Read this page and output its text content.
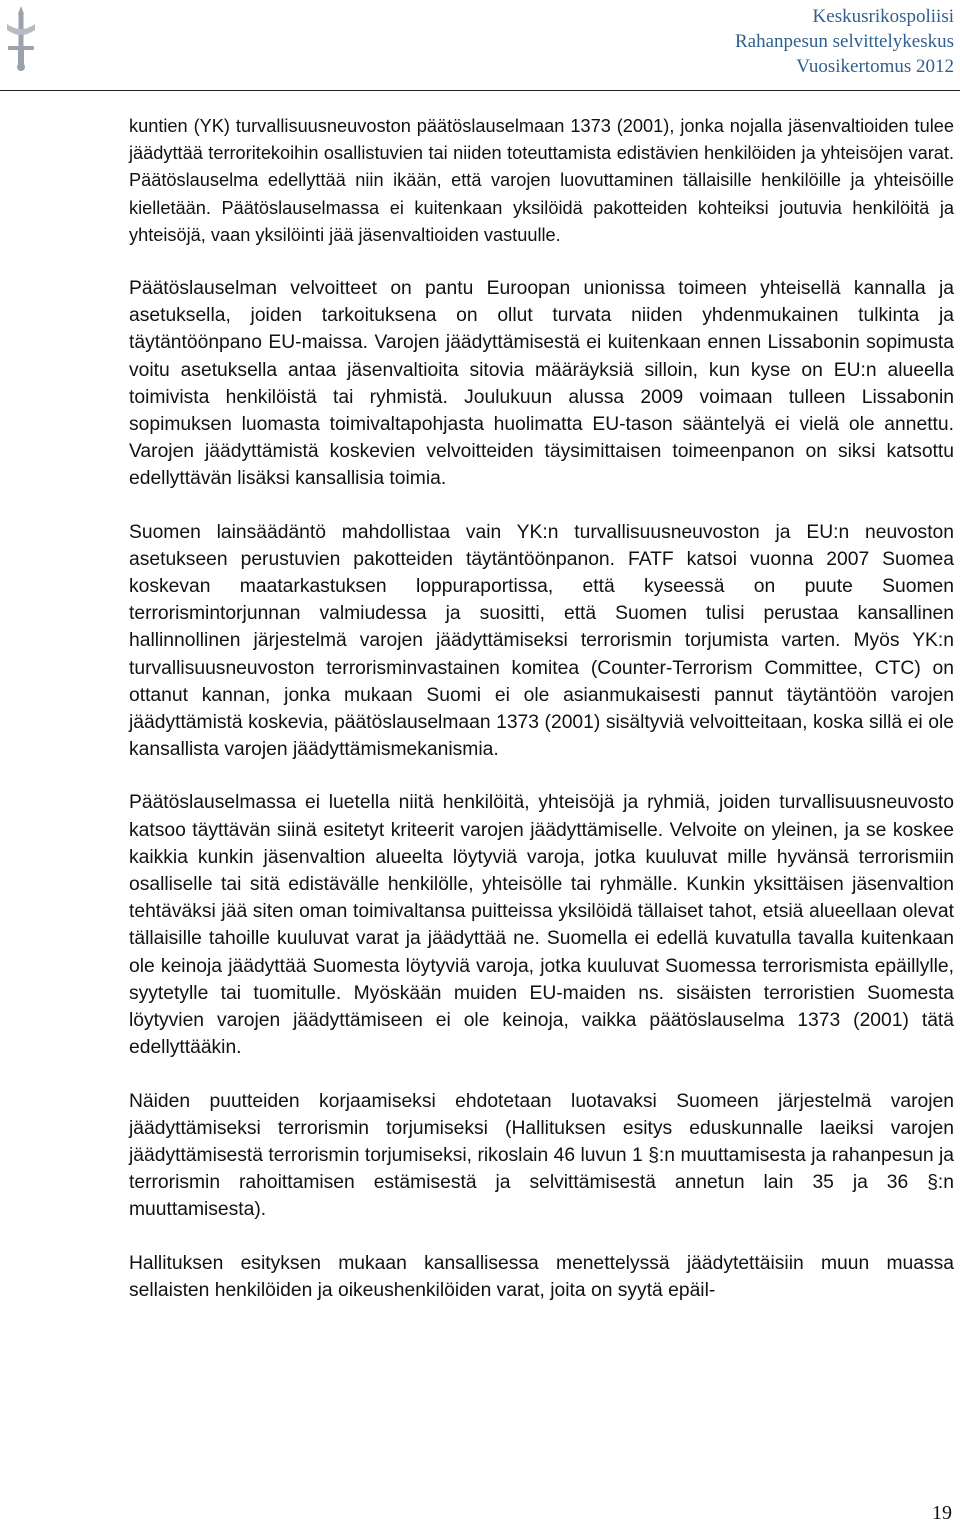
Keskusrikospoliisi
Rahanpesun selvittelykeskus
Vuosikertomus 2012

kuntien (YK) turvallisuusneuvoston päätöslauselmaan 1373 (2001), jonka nojalla jäsenvaltioiden tulee jäädyttää terroritekoihin osallistuvien tai niiden toteuttamista edistävien henkilöiden ja yhteisöjen varat. Päätöslauselma edellyttää niin ikään, että varojen luovuttaminen tällaisille henkilöille ja yhteisöille kielletään. Päätöslauselmassa ei kuitenkaan yksilöidä pakotteiden kohteiksi joutuvia henkilöitä ja yhteisöjä, vaan yksilöinti jää jäsenvaltioiden vastuulle.

Päätöslauselman velvoitteet on pantu Euroopan unionissa toimeen yhteisellä kannalla ja asetuksella, joiden tarkoituksena on ollut turvata niiden yhdenmukainen tulkinta ja täytäntöönpano EU-maissa. Varojen jäädyttämisestä ei kuitenkaan ennen Lissabonin sopimusta voitu asetuksella antaa jäsenvaltioita sitovia määräyksiä silloin, kun kyse on EU:n alueella toimivista henkilöistä tai ryhmistä. Joulukuun alussa 2009 voimaan tulleen Lissabonin sopimuksen luomasta toimivaltapohjasta huolimatta EU-tason sääntelyä ei vielä ole annettu. Varojen jäädyttämistä koskevien velvoitteiden täysimittaisen toimeenpanon on siksi katsottu edellyttävän lisäksi kansallisia toimia.

Suomen lainsäädäntö mahdollistaa vain YK:n turvallisuusneuvoston ja EU:n neuvoston asetukseen perustuvien pakotteiden täytäntöönpanon. FATF katsoi vuonna 2007 Suomea koskevan maatarkastuksen loppuraportissa, että kyseessä on puute Suomen terrorismintorjunnan valmiudessa ja suositti, että Suomen tulisi perustaa kansallinen hallinnollinen järjestelmä varojen jäädyttämiseksi terrorismin torjumista varten. Myös YK:n turvallisuusneuvoston terrorisminvastainen komitea (Counter-Terrorism Committee, CTC) on ottanut kannan, jonka mukaan Suomi ei ole asianmukaisesti pannut täytäntöön varojen jäädyttämistä koskevia, päätöslauselmaan 1373 (2001) sisältyviä velvoitteitaan, koska sillä ei ole kansallista varojen jäädyttämismekanismia.

Päätöslauselmassa ei luetella niitä henkilöitä, yhteisöjä ja ryhmiä, joiden turvallisuusneuvosto katsoo täyttävän siinä esitetyt kriteerit varojen jäädyttämiselle. Velvoite on yleinen, ja se koskee kaikkia kunkin jäsenvaltion alueelta löytyviä varoja, jotka kuuluvat mille hyvänsä terrorismiin osalliselle tai sitä edistävälle henkilölle, yhteisölle tai ryhmälle. Kunkin yksittäisen jäsenvaltion tehtäväksi jää siten oman toimivaltansa puitteissa yksilöidä tällaiset tahot, etsiä alueellaan olevat tällaisille tahoille kuuluvat varat ja jäädyttää ne. Suomella ei edellä kuvatulla tavalla kuitenkaan ole keinoja jäädyttää Suomesta löytyviä varoja, jotka kuuluvat Suomessa terrorismista epäillylle, syytetylle tai tuomitulle. Myöskään muiden EU-maiden ns. sisäisten terroristien Suomesta löytyvien varojen jäädyttämiseen ei ole keinoja, vaikka päätöslauselma 1373 (2001) tätä edellyttääkin.

Näiden puutteiden korjaamiseksi ehdotetaan luotavaksi Suomeen järjestelmä varojen jäädyttämiseksi terrorismin torjumiseksi (Hallituksen esitys eduskunnalle laeiksi varojen jäädyttämisestä terrorismin torjumiseksi, rikoslain 46 luvun 1 §:n muuttamisesta ja rahanpesun ja terrorismin rahoittamisen estämisestä ja selvittämisestä annetun lain 35 ja 36 §:n muuttamisesta).

Hallituksen esityksen mukaan kansallisessa menettelyssä jäädytettäisiin muun muassa sellaisten henkilöiden ja oikeushenkilöiden varat, joita on syytä epäil-

19
